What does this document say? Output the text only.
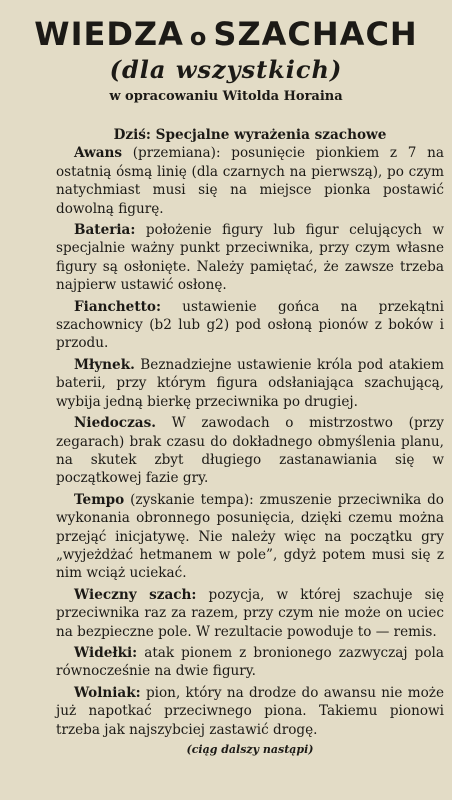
WIEDZA o SZACHACH
(dla wszystkich)
w opracowaniu Witolda Horaina

Dziś: Specjalne wyrażenia szachowe

Awans (przemiana): posunięcie pionkiem z 7 na ostatnią ósmą linię (dla czarnych na pierwszą), po czym natychmiast musi się na miejsce pionka postawić dowolną figurę.

Bateria: położenie figury lub figur celujących w specjalnie ważny punkt przeciwnika, przy czym własne figury są osłonięte. Należy pamiętać, że zawsze trzeba najpierw ustawić osłonę.

Fianchetto: ustawienie gońca na przekątni szachownicy (b2 lub g2) pod osłoną pionów z boków i przodu.

Młynek. Beznadziejne ustawienie króla pod atakiem baterii, przy którym figura odsłaniająca szachującą, wybija jedną bierkę przeciwnika po drugiej.

Niedoczas. W zawodach o mistrzostwo (przy zegarach) brak czasu do dokładnego obmyślenia planu, na skutek zbyt długiego zastanawiania się w początkowej fazie gry.

Tempo (zyskanie tempa): zmuszenie przeciwnika do wykonania obronnego posunięcia, dzięki czemu można przejąć inicjatywę. Nie należy więc na początku gry „wyjeżdżać hetmanem w pole”, gdyż potem musi się z nim wciąż uciekać.

Wieczny szach: pozycja, w której szachuje się przeciwnika raz za razem, przy czym nie może on uciec na bezpieczne pole. W rezultacie powoduje to — remis.

Widełki: atak pionem z bronionego zazwyczaj pola równocześnie na dwie figury.

Wolniak: pion, który na drodze do awansu nie może już napotkać przeciwnego piona. Takiemu pionowi trzeba jak najszybciej zastawić drogę.

(ciąg dalszy nastąpi)
